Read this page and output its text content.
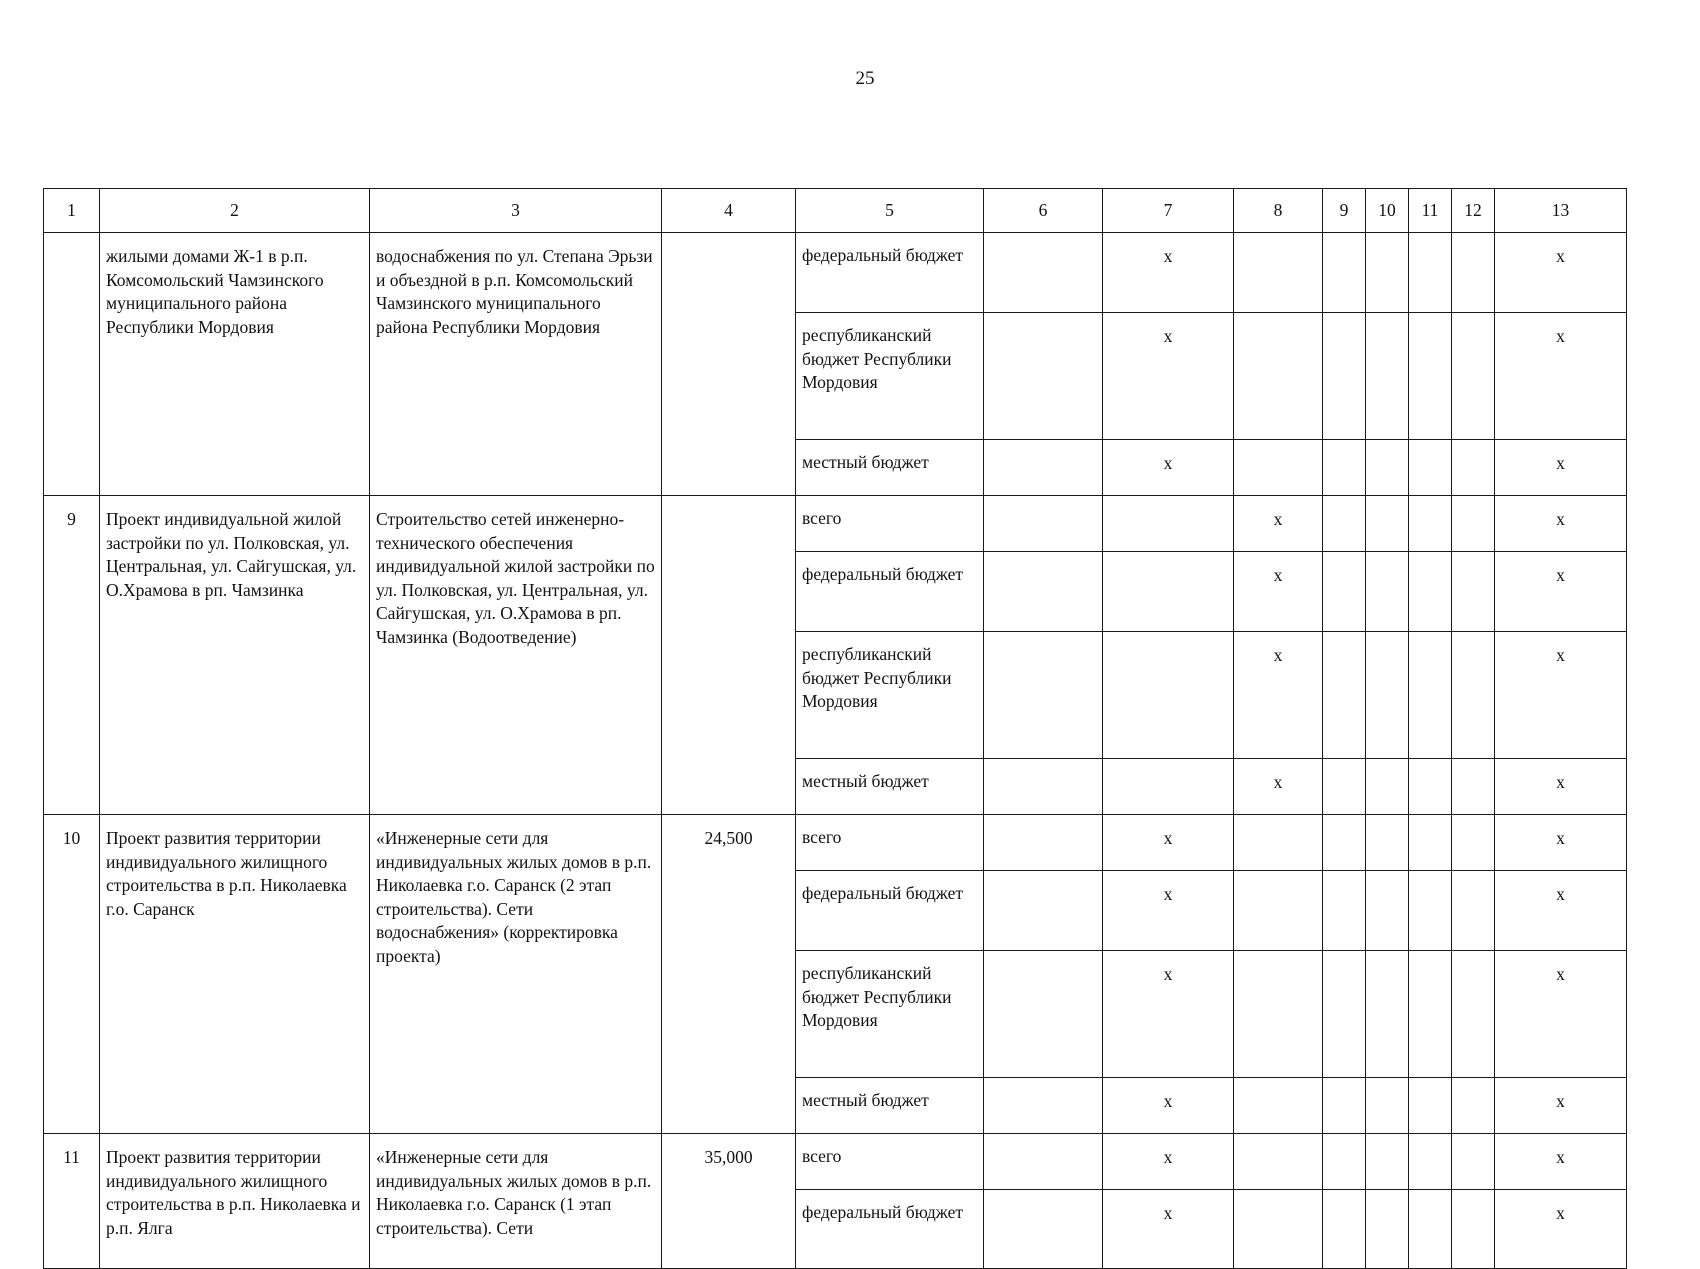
25
1	2	3	4	5	6	7	8	9	10	11	12	13
	жилыми домами Ж-1 в р.п. Комсомольский Чамзинского муниципального района Республики Мордовия	водоснабжения по ул. Степана Эрьзи и объездной в р.п. Комсомольский Чамзинского муниципального района Республики Мордовия		федеральный бюджет		х						х
				республиканский бюджет Республики Мордовия		х						х
				местный бюджет		х						х
9	Проект индивидуальной жилой застройки по ул. Полковская, ул. Центральная, ул. Сайгушская, ул. О.Храмова в рп. Чамзинка	Строительство сетей инженерно-технического обеспечения индивидуальной жилой застройки по ул. Полковская, ул. Центральная, ул. Сайгушская, ул. О.Храмова в рп. Чамзинка (Водоотведение)		всего			х					х
				федеральный бюджет			х					х
				республиканский бюджет Республики Мордовия			х					х
				местный бюджет			х					х
10	Проект развития территории индивидуального жилищного строительства в р.п. Николаевка г.о. Саранск	«Инженерные сети для индивидуальных жилых домов в р.п. Николаевка г.о. Саранск (2 этап строительства). Сети водоснабжения» (корректировка проекта)	24,500	всего		х						х
				федеральный бюджет		х						х
				республиканский бюджет Республики Мордовия		х						х
				местный бюджет		х						х
11	Проект развития территории индивидуального жилищного строительства в р.п. Николаевка и р.п. Ялга	«Инженерные сети для индивидуальных жилых домов в р.п. Николаевка г.о. Саранск (1 этап строительства). Сети	35,000	всего		х						х
				федеральный бюджет		х						х
